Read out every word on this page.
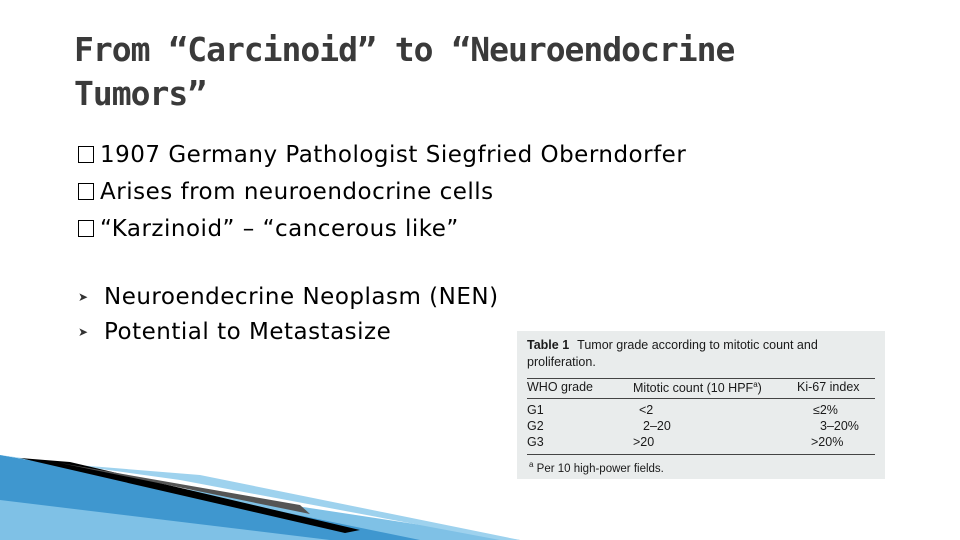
From “Carcinoid” to “Neuroendocrine
Tumors”
1907 Germany Pathologist Siegfried Oberndorfer
Arises from neuroendocrine cells
“Karzinoid” – “cancerous like”
➤ Neuroendecrine Neoplasm (NEN)
➤ Potential to Metastasize	Table 1 Tumor grade according to mitotic count and proliferation.
WHO grade	Mitotic count (10 HPF$^a$)	Ki-67 index
G1	<2	≤2%
G2	2–20	3–20%
G3	>20	>20%
$^a$ Per 10 high-power fields.
